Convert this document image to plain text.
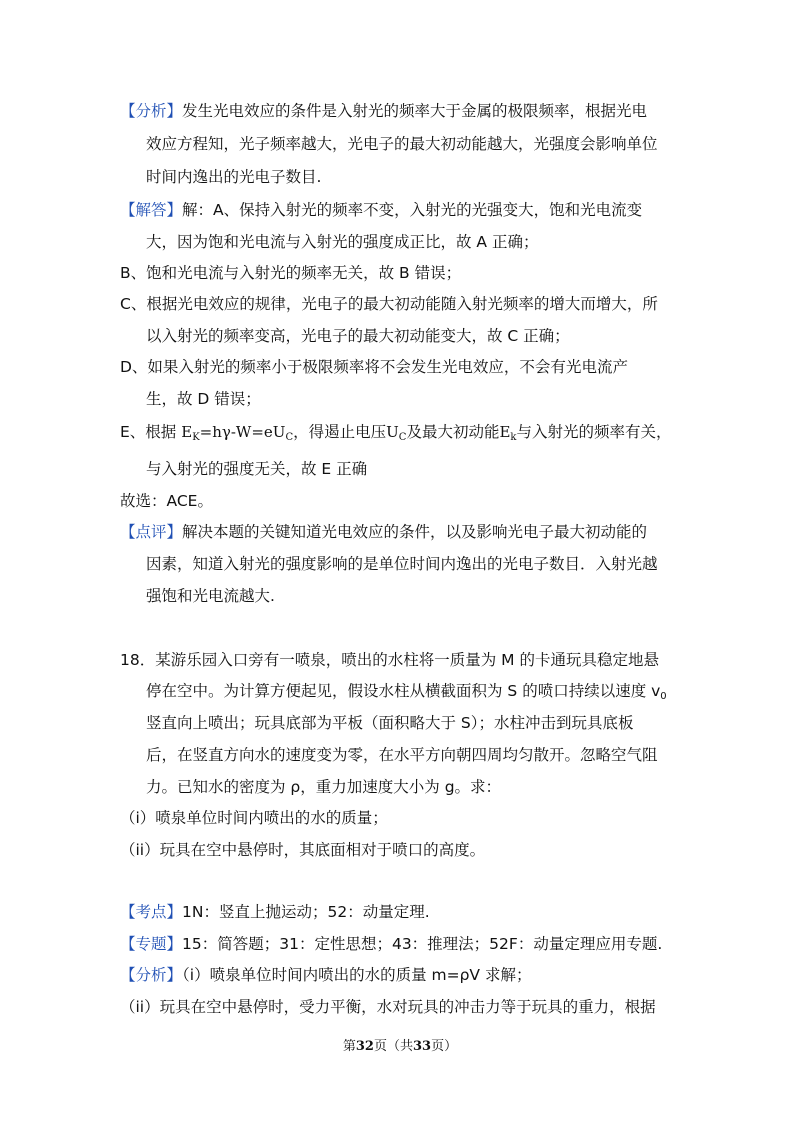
【分析】发生光电效应的条件是入射光的频率大于金属的极限频率，根据光电
效应方程知，光子频率越大，光电子的最大初动能越大，光强度会影响单位
时间内逸出的光电子数目.
【解答】解：A、保持入射光的频率不变，入射光的光强变大，饱和光电流变
大，因为饱和光电流与入射光的强度成正比，故 A 正确；
B、饱和光电流与入射光的频率无关，故 B 错误；
C、根据光电效应的规律，光电子的最大初动能随入射光频率的增大而增大，所
以入射光的频率变高，光电子的最大初动能变大，故 C 正确；
D、如果入射光的频率小于极限频率将不会发生光电效应，不会有光电流产
生，故 D 错误；
E、根据 $E_K=h\gamma-W=eU_C$，得遏止电压$U_C$及最大初动能$E_k$与入射光的频率有关，
与入射光的强度无关，故 E 正确
故选：ACE。
【点评】解决本题的关键知道光电效应的条件，以及影响光电子最大初动能的
因素，知道入射光的强度影响的是单位时间内逸出的光电子数目．入射光越
强饱和光电流越大.
18．某游乐园入口旁有一喷泉，喷出的水柱将一质量为 M 的卡通玩具稳定地悬
停在空中。为计算方便起见，假设水柱从横截面积为 S 的喷口持续以速度 $v_0$
竖直向上喷出；玩具底部为平板（面积略大于 S）；水柱冲击到玩具底板
后，在竖直方向水的速度变为零，在水平方向朝四周均匀散开。忽略空气阻
力。已知水的密度为 ρ，重力加速度大小为 g。求：
（i）喷泉单位时间内喷出的水的质量；
（ii）玩具在空中悬停时，其底面相对于喷口的高度。
【考点】1N：竖直上抛运动；52：动量定理.
【专题】15：简答题；31：定性思想；43：推理法；52F：动量定理应用专题.
【分析】（i）喷泉单位时间内喷出的水的质量 m=ρV 求解；
（ii）玩具在空中悬停时，受力平衡，水对玩具的冲击力等于玩具的重力，根据
第32页（共33页）
